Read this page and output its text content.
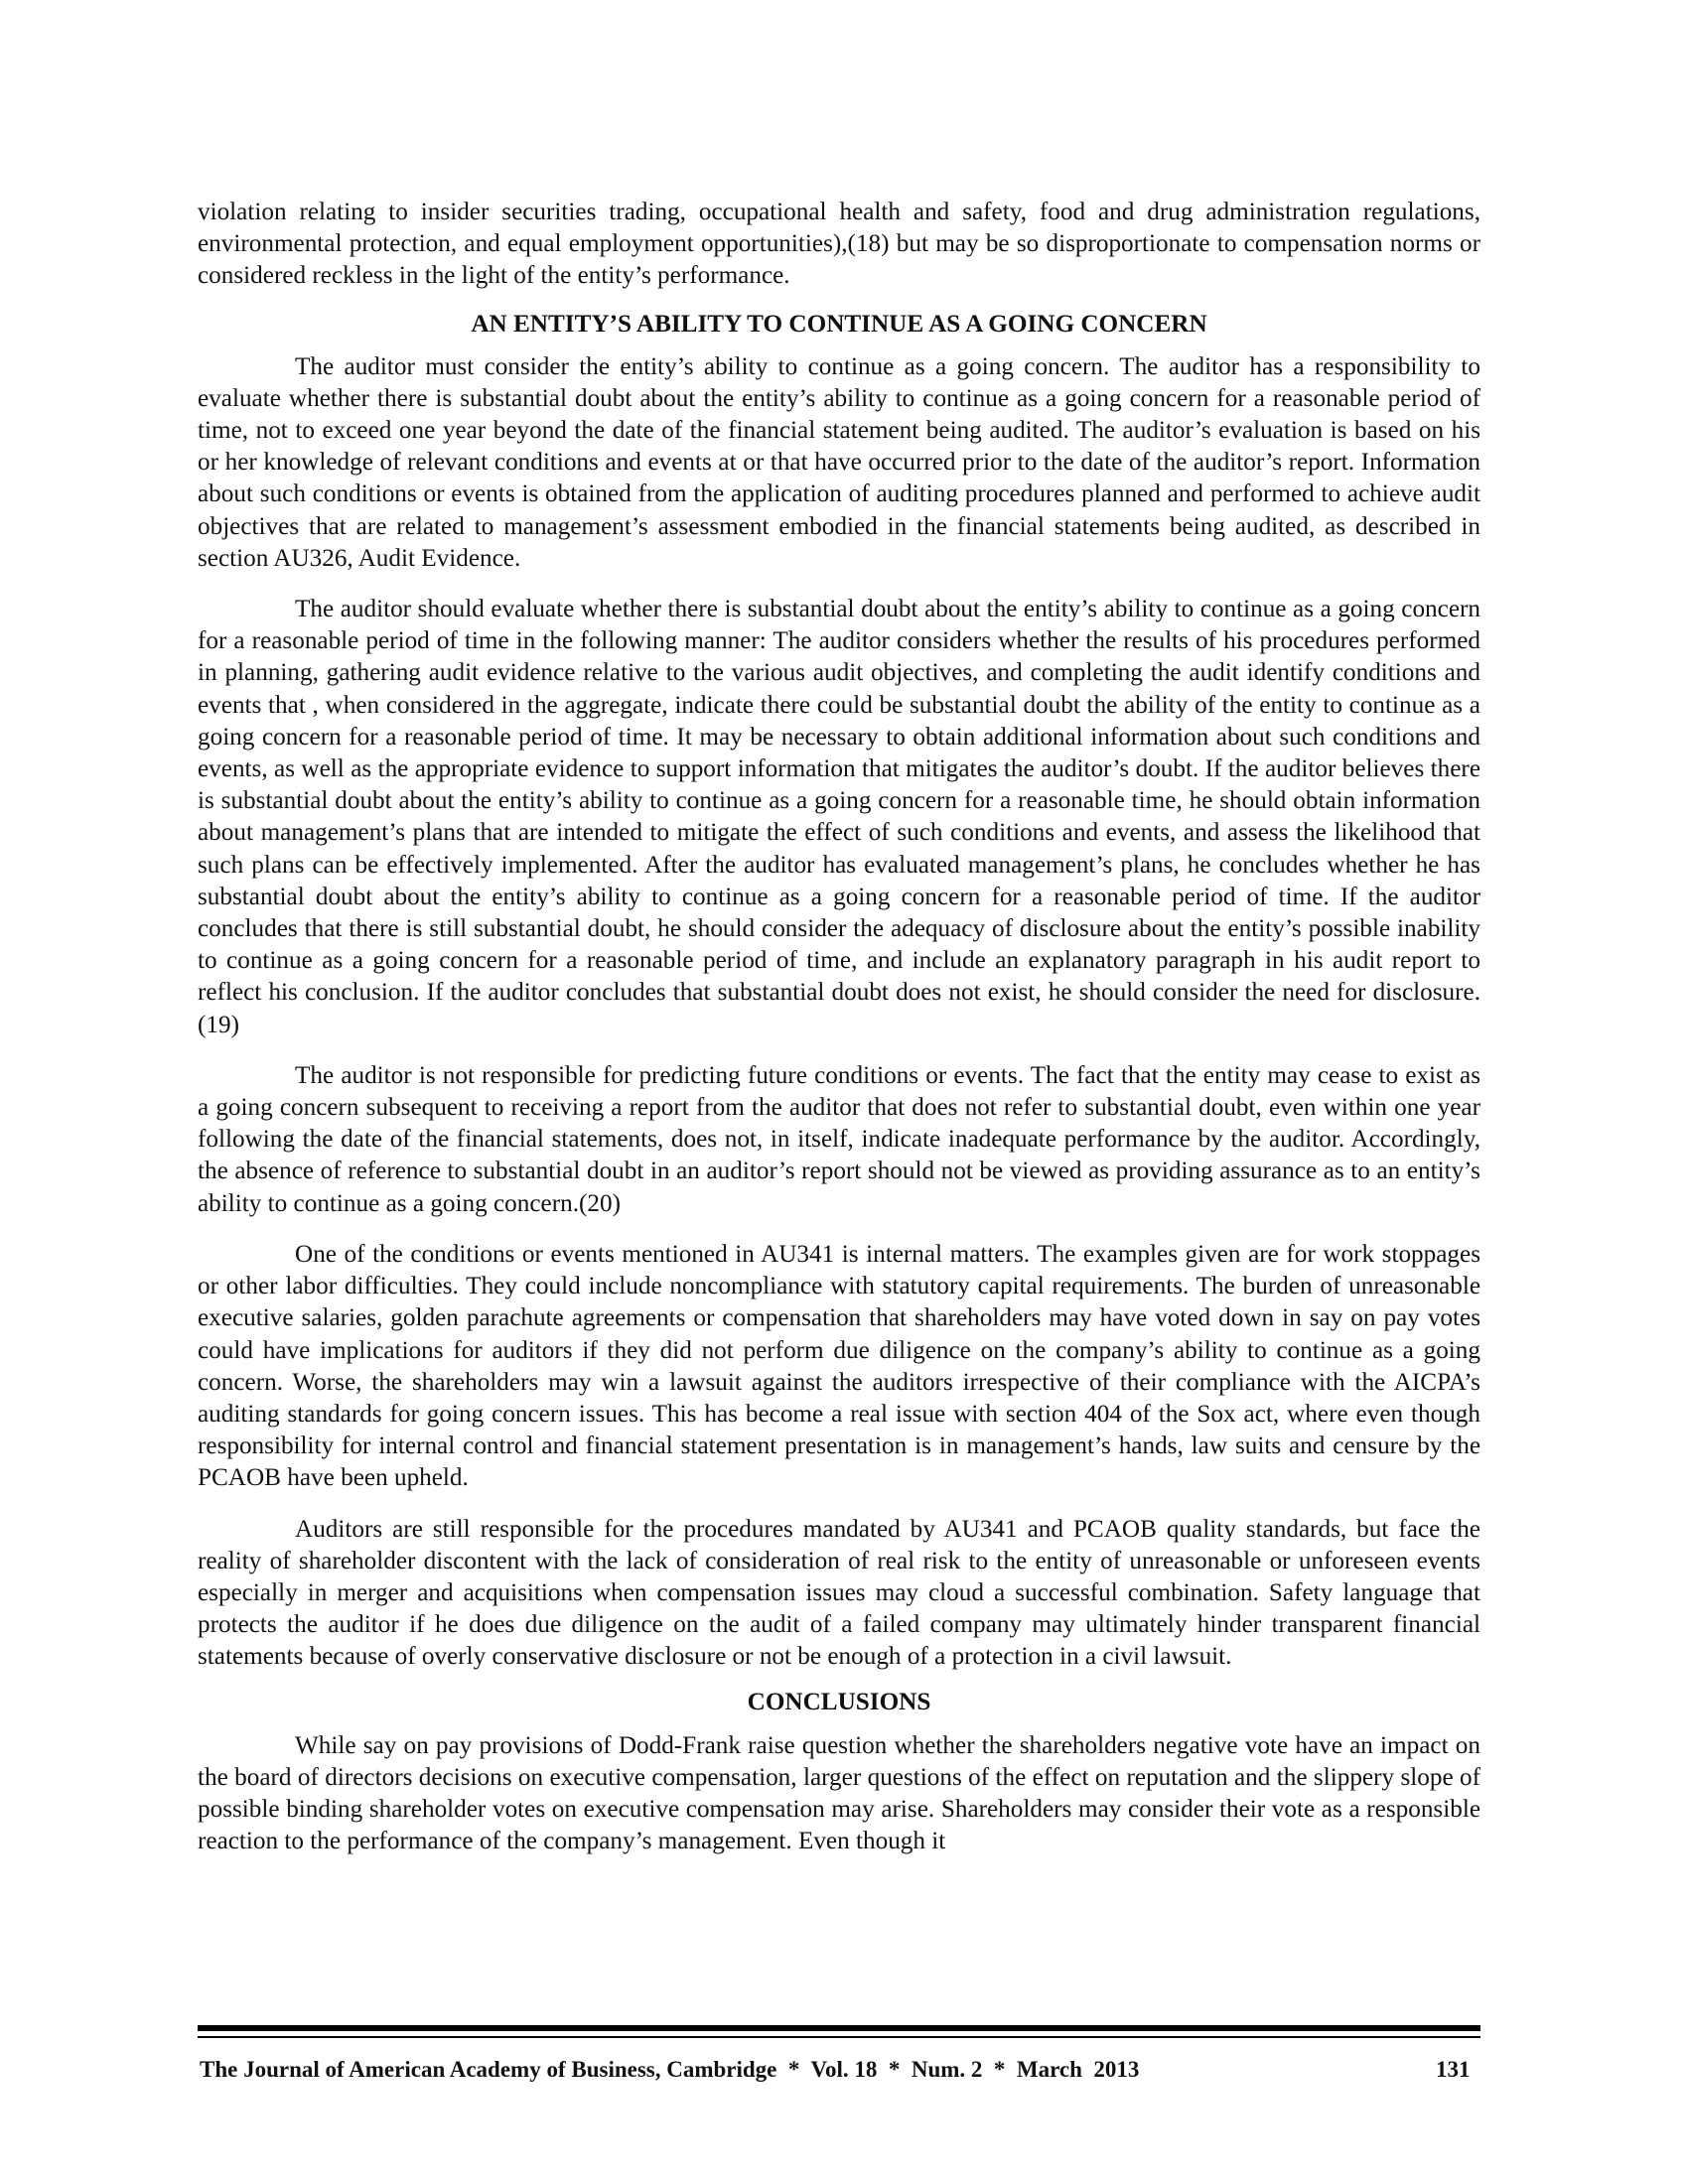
violation relating to insider securities trading, occupational health and safety, food and drug administration regulations, environmental protection, and equal employment opportunities),(18) but may be so disproportionate to compensation norms or considered reckless in the light of the entity’s performance.

AN ENTITY’S ABILITY TO CONTINUE AS A GOING CONCERN

The auditor must consider the entity’s ability to continue as a going concern. The auditor has a responsibility to evaluate whether there is substantial doubt about the entity’s ability to continue as a going concern for a reasonable period of time, not to exceed one year beyond the date of the financial statement being audited. The auditor’s evaluation is based on his or her knowledge of relevant conditions and events at or that have occurred prior to the date of the auditor’s report. Information about such conditions or events is obtained from the application of auditing procedures planned and performed to achieve audit objectives that are related to management’s assessment embodied in the financial statements being audited, as described in section AU326, Audit Evidence.

The auditor should evaluate whether there is substantial doubt about the entity’s ability to continue as a going concern for a reasonable period of time in the following manner: The auditor considers whether the results of his procedures performed in planning, gathering audit evidence relative to the various audit objectives, and completing the audit identify conditions and events that , when considered in the aggregate, indicate there could be substantial doubt the ability of the entity to continue as a going concern for a reasonable period of time. It may be necessary to obtain additional information about such conditions and events, as well as the appropriate evidence to support information that mitigates the auditor’s doubt. If the auditor believes there is substantial doubt about the entity’s ability to continue as a going concern for a reasonable time, he should obtain information about management’s plans that are intended to mitigate the effect of such conditions and events, and assess the likelihood that such plans can be effectively implemented. After the auditor has evaluated management’s plans, he concludes whether he has substantial doubt about the entity’s ability to continue as a going concern for a reasonable period of time. If the auditor concludes that there is still substantial doubt, he should consider the adequacy of disclosure about the entity’s possible inability to continue as a going concern for a reasonable period of time, and include an explanatory paragraph in his audit report to reflect his conclusion. If the auditor concludes that substantial doubt does not exist, he should consider the need for disclosure.(19)

The auditor is not responsible for predicting future conditions or events. The fact that the entity may cease to exist as a going concern subsequent to receiving a report from the auditor that does not refer to substantial doubt, even within one year following the date of the financial statements, does not, in itself, indicate inadequate performance by the auditor. Accordingly, the absence of reference to substantial doubt in an auditor’s report should not be viewed as providing assurance as to an entity’s ability to continue as a going concern.(20)

One of the conditions or events mentioned in AU341 is internal matters. The examples given are for work stoppages or other labor difficulties. They could include noncompliance with statutory capital requirements. The burden of unreasonable executive salaries, golden parachute agreements or compensation that shareholders may have voted down in say on pay votes could have implications for auditors if they did not perform due diligence on the company’s ability to continue as a going concern. Worse, the shareholders may win a lawsuit against the auditors irrespective of their compliance with the AICPA’s auditing standards for going concern issues. This has become a real issue with section 404 of the Sox act, where even though responsibility for internal control and financial statement presentation is in management’s hands, law suits and censure by the PCAOB have been upheld.

Auditors are still responsible for the procedures mandated by AU341 and PCAOB quality standards, but face the reality of shareholder discontent with the lack of consideration of real risk to the entity of unreasonable or unforeseen events especially in merger and acquisitions when compensation issues may cloud a successful combination. Safety language that protects the auditor if he does due diligence on the audit of a failed company may ultimately hinder transparent financial statements because of overly conservative disclosure or not be enough of a protection in a civil lawsuit.

CONCLUSIONS

While say on pay provisions of Dodd-Frank raise question whether the shareholders negative vote have an impact on the board of directors decisions on executive compensation, larger questions of the effect on reputation and the slippery slope of possible binding shareholder votes on executive compensation may arise. Shareholders may consider their vote as a responsible reaction to the performance of the company’s management. Even though it

The Journal of American Academy of Business, Cambridge  *  Vol. 18  *  Num. 2  *  March  2013	131
